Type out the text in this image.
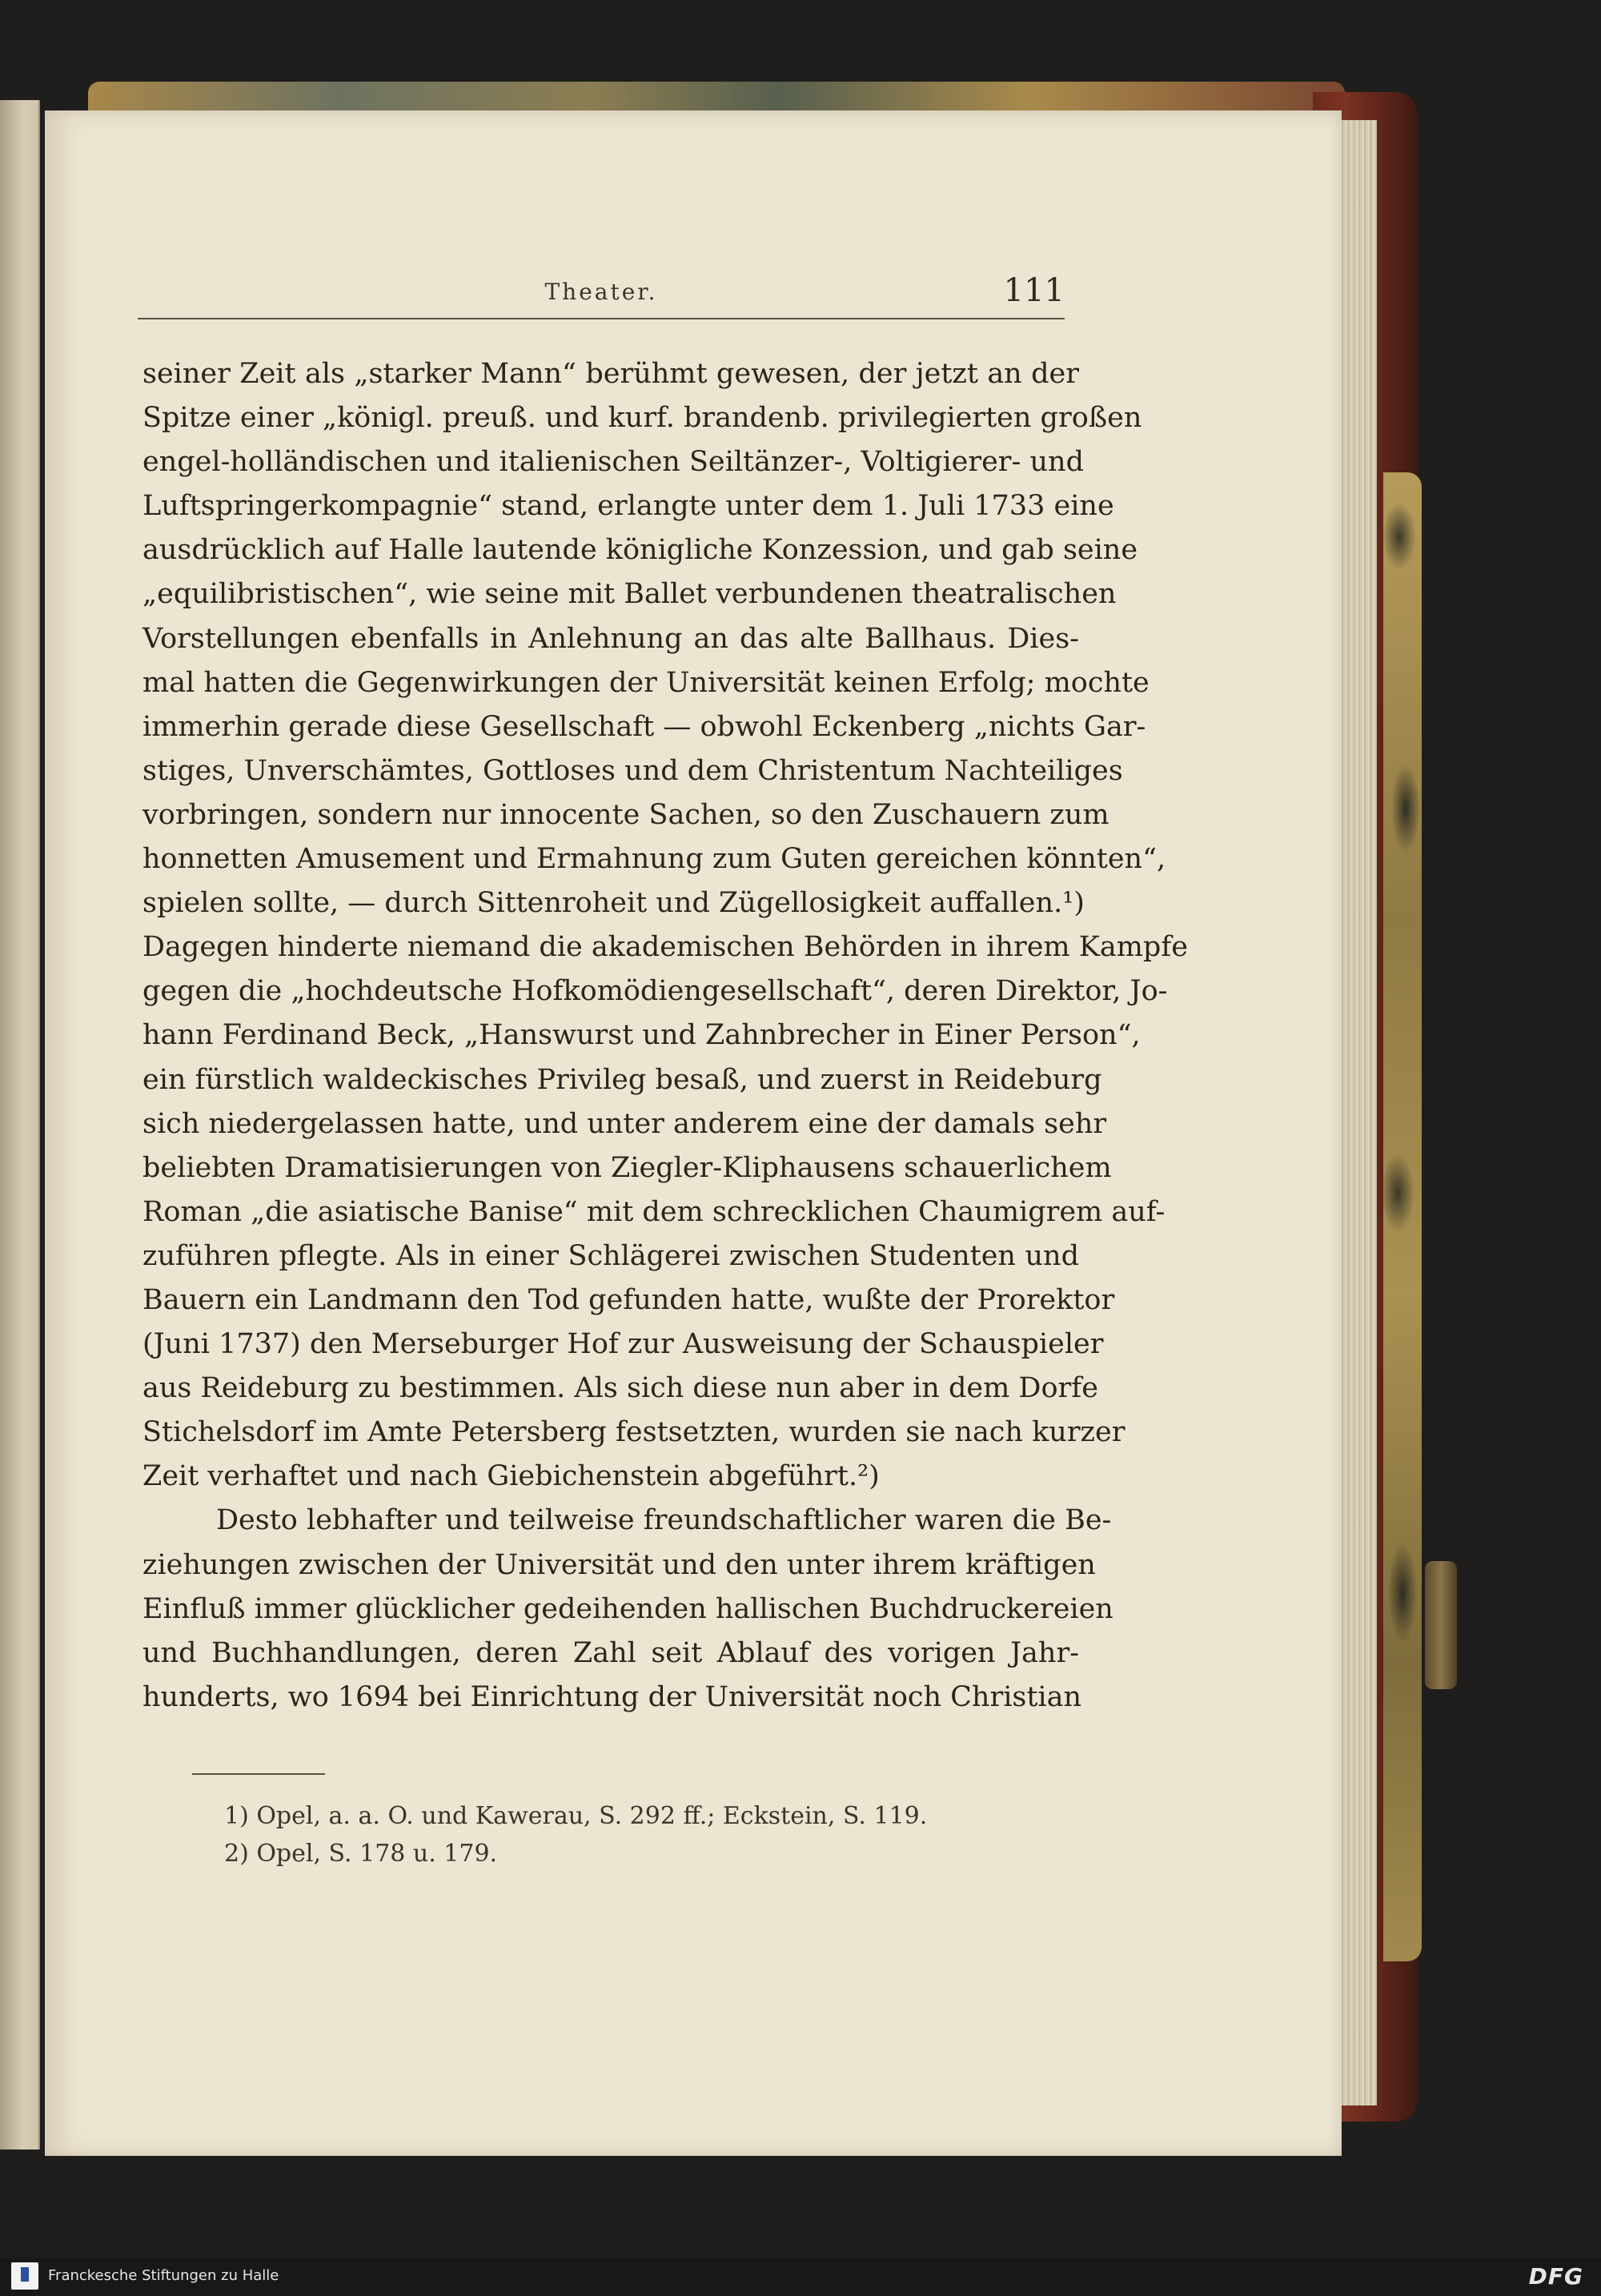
Theater.	111
seiner Zeit als „starker Mann“ berühmt gewesen, der jetzt an der
Spitze einer „königl. preuß. und kurf. brandenb. privilegierten großen
engel-holländischen und italienischen Seiltänzer-, Voltigierer- und
Luftspringerkompagnie“ stand, erlangte unter dem 1. Juli 1733 eine
ausdrücklich auf Halle lautende königliche Konzession, und gab seine
„equilibristischen“, wie seine mit Ballet verbundenen theatralischen
Vorstellungen ebenfalls in Anlehnung an das alte Ballhaus. Dies-
mal hatten die Gegenwirkungen der Universität keinen Erfolg; mochte
immerhin gerade diese Gesellschaft — obwohl Eckenberg „nichts Gar-
stiges, Unverschämtes, Gottloses und dem Christentum Nachteiliges
vorbringen, sondern nur innocente Sachen, so den Zuschauern zum
honnetten Amusement und Ermahnung zum Guten gereichen könnten“,
spielen sollte, — durch Sittenroheit und Zügellosigkeit auffallen.¹)
Dagegen hinderte niemand die akademischen Behörden in ihrem Kampfe
gegen die „hochdeutsche Hofkomödiengesellschaft“, deren Direktor, Jo-
hann Ferdinand Beck, „Hanswurst und Zahnbrecher in Einer Person“,
ein fürstlich waldeckisches Privileg besaß, und zuerst in Reideburg
sich niedergelassen hatte, und unter anderem eine der damals sehr
beliebten Dramatisierungen von Ziegler-Kliphausens schauerlichem
Roman „die asiatische Banise“ mit dem schrecklichen Chaumigrem auf-
zuführen pflegte. Als in einer Schlägerei zwischen Studenten und
Bauern ein Landmann den Tod gefunden hatte, wußte der Prorektor
(Juni 1737) den Merseburger Hof zur Ausweisung der Schauspieler
aus Reideburg zu bestimmen. Als sich diese nun aber in dem Dorfe
Stichelsdorf im Amte Petersberg festsetzten, wurden sie nach kurzer
Zeit verhaftet und nach Giebichenstein abgeführt.²)
Desto lebhafter und teilweise freundschaftlicher waren die Be-
ziehungen zwischen der Universität und den unter ihrem kräftigen
Einfluß immer glücklicher gedeihenden hallischen Buchdruckereien
und Buchhandlungen, deren Zahl seit Ablauf des vorigen Jahr-
hunderts, wo 1694 bei Einrichtung der Universität noch Christian
1) Opel, a. a. O. und Kawerau, S. 292 ff.; Eckstein, S. 119.
2) Opel, S. 178 u. 179.
Franckesche Stiftungen zu Halle	DFG
